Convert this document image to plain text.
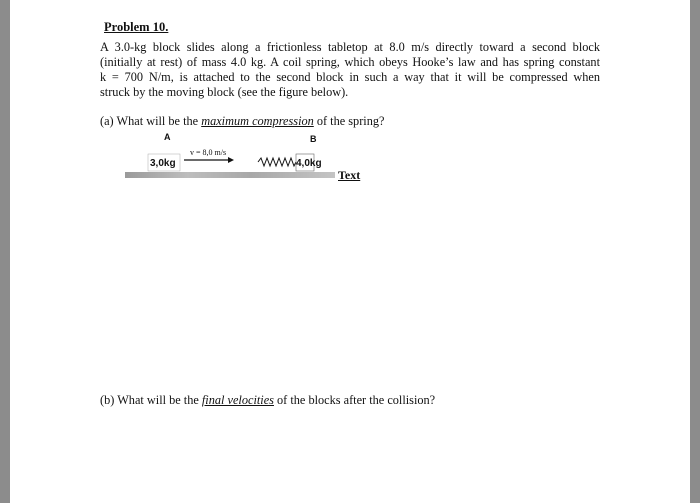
Problem 10.
A 3.0-kg block slides along a frictionless tabletop at 8.0 m/s directly toward a second block
(initially at rest) of mass 4.0 kg. A coil spring, which obeys Hooke’s law and has spring constant
k = 700 N/m, is attached to the second block in such a way that it will be compressed when
struck by the moving block (see the figure below).
(a) What will be the maximum compression of the spring?
A	B
3,0kg
v = 8,0 m/s
4,0kg
Text
(b) What will be the final velocities of the blocks after the collision?
